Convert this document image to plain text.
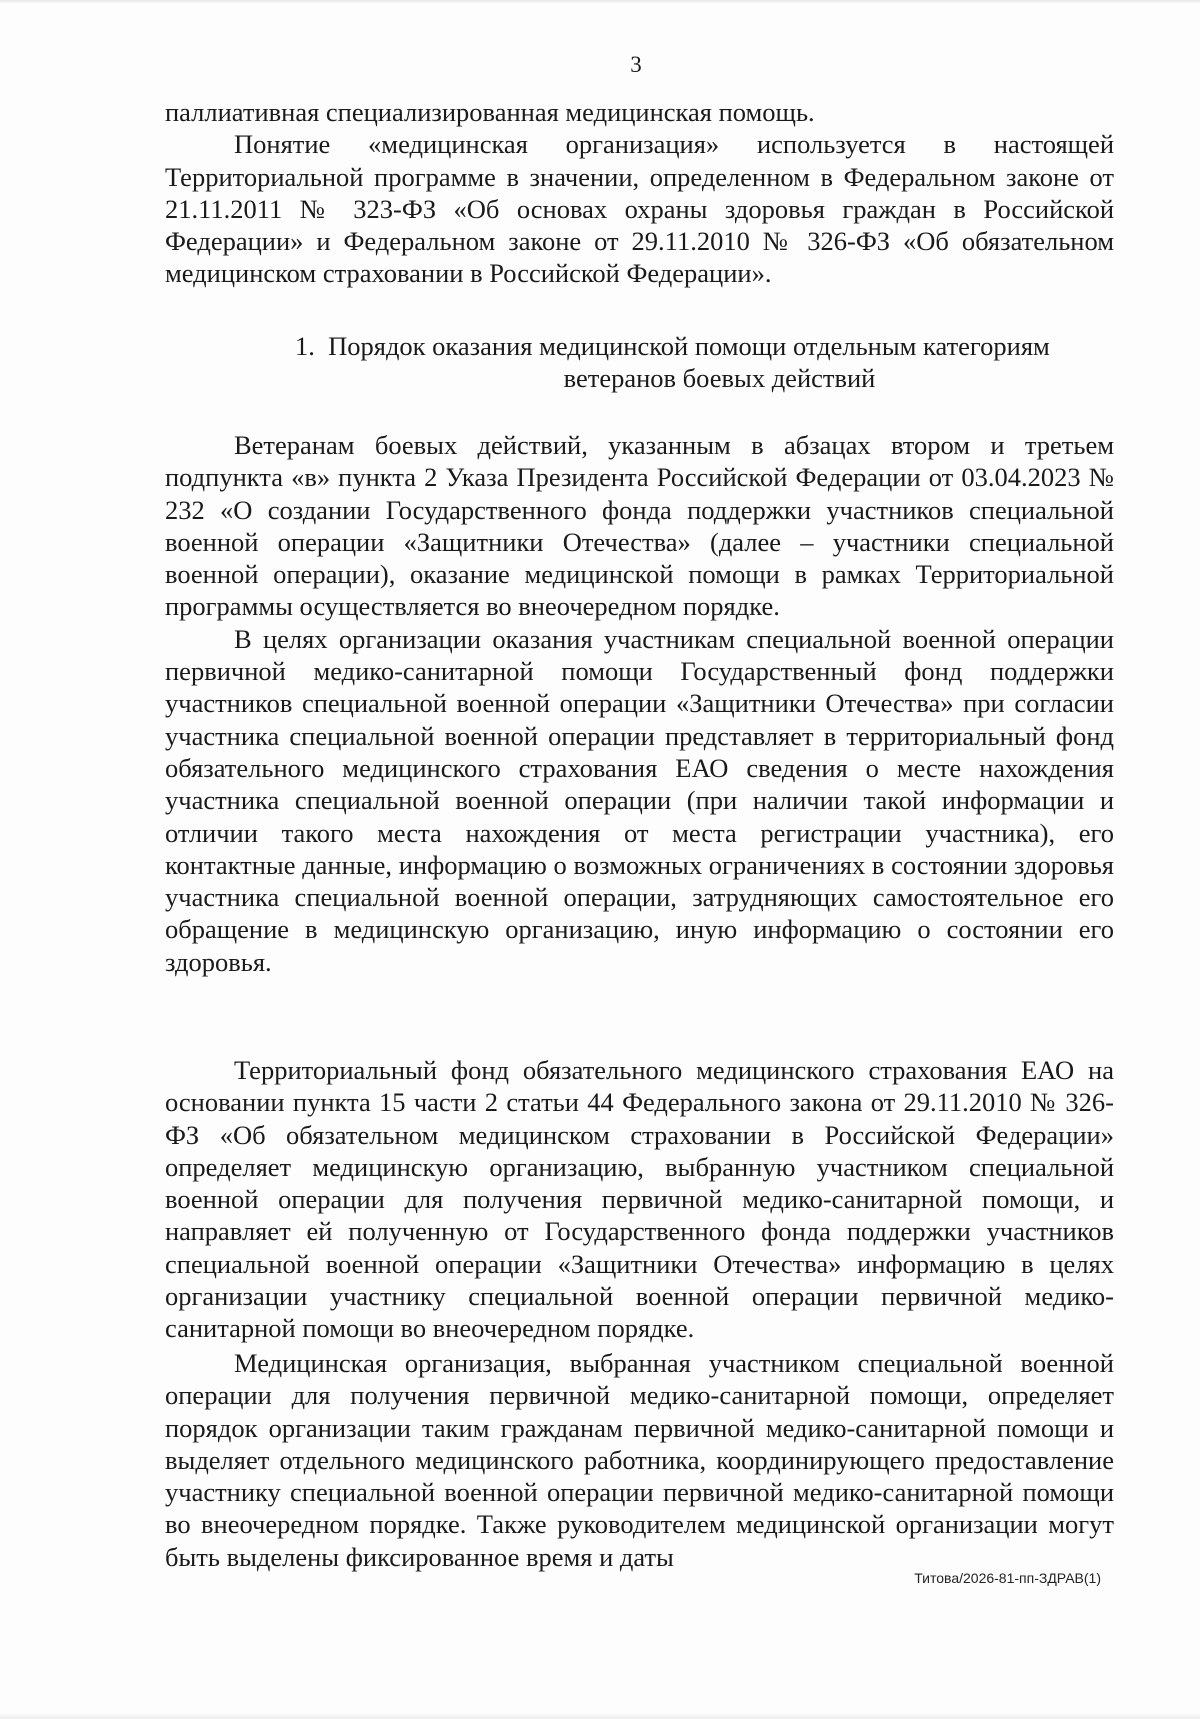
3

паллиативная специализированная медицинская помощь.

Понятие «медицинская организация» используется в настоящей Территориальной программе в значении, определенном в Федеральном законе от 21.11.2011 № 323-ФЗ «Об основах охраны здоровья граждан в Российской Федерации» и Федеральном законе от 29.11.2010 № 326-ФЗ «Об обязательном медицинском страховании в Российской Федерации».

1. Порядок оказания медицинской помощи отдельным категориям
ветеранов боевых действий

Ветеранам боевых действий, указанным в абзацах втором и третьем подпункта «в» пункта 2 Указа Президента Российской Федерации от 03.04.2023 № 232 «О создании Государственного фонда поддержки участников специальной военной операции «Защитники Отечества» (далее – участники специальной военной операции), оказание медицинской помощи в рамках Территориальной программы осуществляется во внеочередном порядке.

В целях организации оказания участникам специальной военной операции первичной медико-санитарной помощи Государственный фонд поддержки участников специальной военной операции «Защитники Отечества» при согласии участника специальной военной операции представляет в территориальный фонд обязательного медицинского страхования ЕАО сведения о месте нахождения участника специальной военной операции (при наличии такой информации и отличии такого места нахождения от места регистрации участника), его контактные данные, информацию о возможных ограничениях в состоянии здоровья участника специальной военной операции, затрудняющих самостоятельное его обращение в медицинскую организацию, иную информацию о состоянии его здоровья.

Территориальный фонд обязательного медицинского страхования ЕАО на основании пункта 15 части 2 статьи 44 Федерального закона от 29.11.2010 № 326-ФЗ «Об обязательном медицинском страховании в Российской Федерации» определяет медицинскую организацию, выбранную участником специальной военной операции для получения первичной медико-санитарной помощи, и направляет ей полученную от Государственного фонда поддержки участников специальной военной операции «Защитники Отечества» информацию в целях организации участнику специальной военной операции первичной медико-санитарной помощи во внеочередном порядке.

Медицинская организация, выбранная участником специальной военной операции для получения первичной медико-санитарной помощи, определяет порядок организации таким гражданам первичной медико-санитарной помощи и выделяет отдельного медицинского работника, координирующего предоставление участнику специальной военной операции первичной медико-санитарной помощи во внеочередном порядке. Также руководителем медицинской организации могут быть выделены фиксированное время и даты

Титова/2026-81-пп-ЗДРАВ(1)
